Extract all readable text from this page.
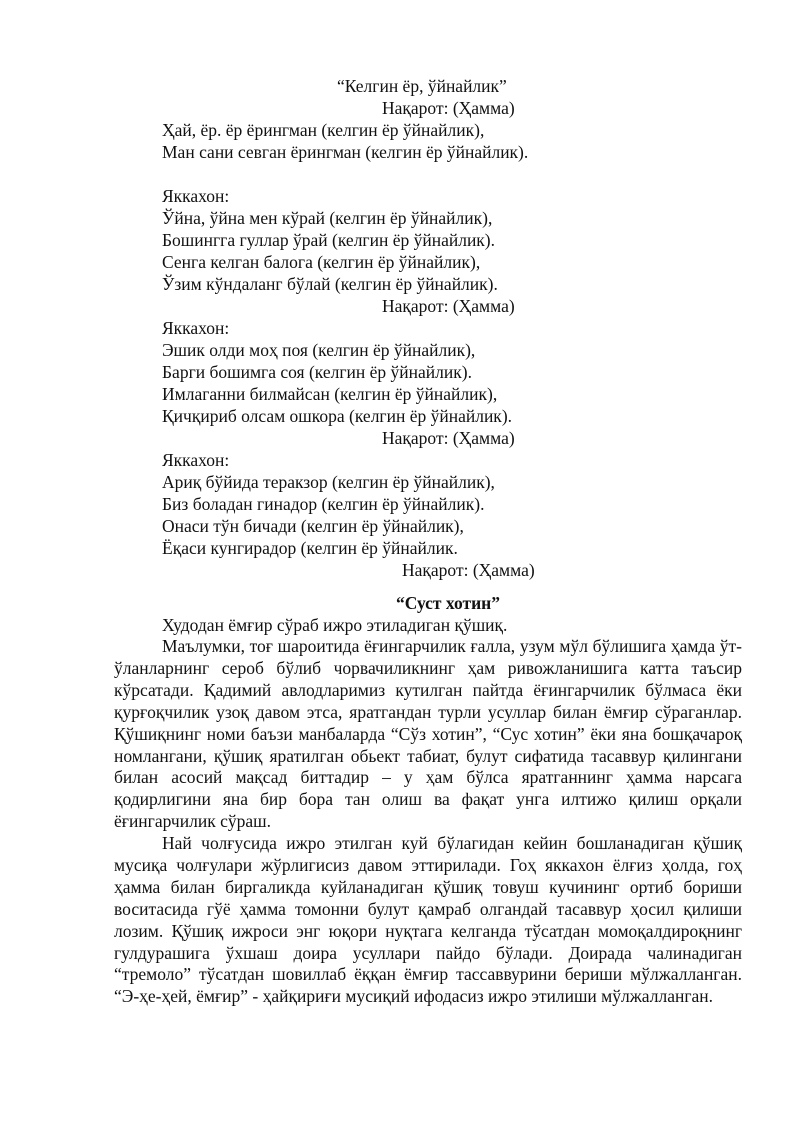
“Келгин ёр, ўйнайлик”
Нақарот: (Ҳамма)
Ҳай, ёр. ёр ёрингман (келгин ёр ўйнайлик),
Ман сани севган ёрингман (келгин ёр ўйнайлик).
Яккахон:
Ўйна, ўйна мен кўрай (келгин ёр ўйнайлик),
Бошингга гуллар ўрай (келгин ёр ўйнайлик).
Сенга келган балога (келгин ёр ўйнайлик),
Ўзим кўндаланг бўлай (келгин ёр ўйнайлик).
Нақарот: (Ҳамма)
Яккахон:
Эшик олди моҳ поя (келгин ёр ўйнайлик),
Барги бошимга соя (келгин ёр ўйнайлик).
Имлаганни билмайсан (келгин ёр ўйнайлик),
Қичқириб олсам ошкора (келгин ёр ўйнайлик).
Нақарот: (Ҳамма)
Яккахон:
Ариқ бўйида теракзор (келгин ёр ўйнайлик),
Биз боладан гинадор (келгин ёр ўйнайлик).
Онаси тўн бичади (келгин ёр ўйнайлик),
Ёқаси кунгирадор (келгин ёр ўйнайлик.
Нақарот: (Ҳамма)
“Суст хотин”
Худодан ёмғир сўраб ижро этиладиган қўшиқ.

Маълумки, тоғ шароитида ёғингарчилик ғалла, узум мўл бўлишига ҳамда ўт-ўланларнинг сероб бўлиб чорвачиликнинг ҳам ривожланишига катта таъсир кўрсатади. Қадимий авлодларимиз кутилган пайтда ёғингарчилик бўлмаса ёки қурғоқчилик узоқ давом этса, яратгандан турли усуллар билан ёмғир сўраганлар. Қўшиқнинг номи баъзи манбаларда “Сўз хотин”, “Сус хотин” ёки яна бошқачароқ номлангани, қўшиқ яратилган обьект табиат, булут сифатида тасаввур қилингани билан асосий мақсад биттадир – у ҳам бўлса яратганнинг ҳамма нарсага қодирлигини яна бир бора тан олиш ва фақат унга илтижо қилиш орқали ёғингарчилик сўраш.

Най чолғусида ижро этилган куй бўлагидан кейин бошланадиган қўшиқ мусиқа чолғулари жўрлигисиз давом эттирилади. Гоҳ яккахон ёлғиз ҳолда, гоҳ ҳамма билан биргаликда куйланадиган қўшиқ товуш кучининг ортиб бориши воситасида гўё ҳамма томонни булут қамраб олгандай тасаввур ҳосил қилиши лозим. Қўшиқ ижроси энг юқори нуқтага келганда тўсатдан момоқалдироқнинг гулдурашига ўхшаш доира усуллари пайдо бўлади. Доирада чалинадиган “тремоло” тўсатдан шовиллаб ёққан ёмғир тассаввурини бериши мўлжалланган. “Э-ҳе-ҳей, ёмғир” - ҳайқириғи мусиқий ифодасиз ижро этилиши мўлжалланган.
